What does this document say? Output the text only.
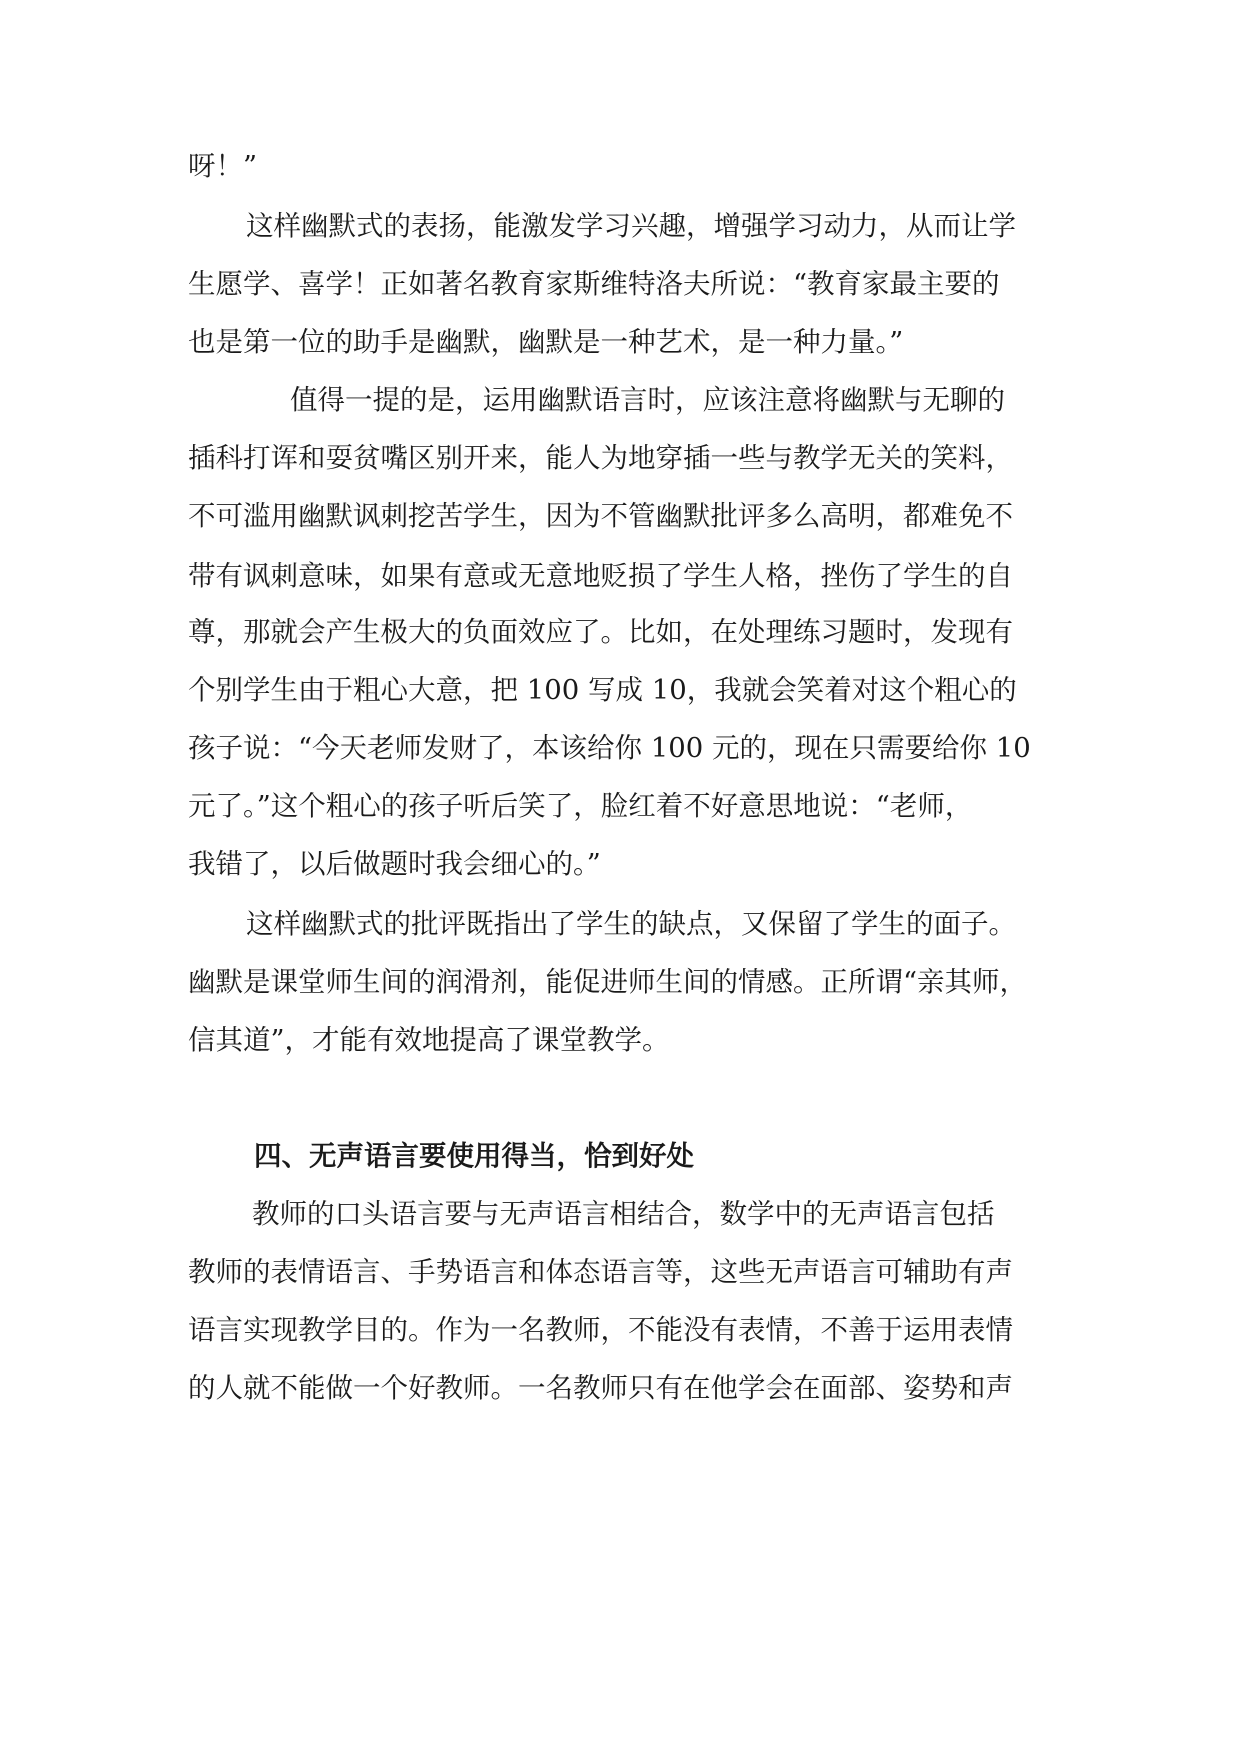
呀！”

这样幽默式的表扬，能激发学习兴趣，增强学习动力，从而让学

生愿学、喜学！正如著名教育家斯维特洛夫所说：“教育家最主要的

也是第一位的助手是幽默，幽默是一种艺术，是一种力量。”

值得一提的是，运用幽默语言时，应该注意将幽默与无聊的

插科打诨和耍贫嘴区别开来，能人为地穿插一些与教学无关的笑料，

不可滥用幽默讽刺挖苦学生，因为不管幽默批评多么高明，都难免不

带有讽刺意味，如果有意或无意地贬损了学生人格，挫伤了学生的自

尊，那就会产生极大的负面效应了。比如，在处理练习题时，发现有

个别学生由于粗心大意，把 100 写成 10，我就会笑着对这个粗心的

孩子说：“今天老师发财了，本该给你 100 元的，现在只需要给你 10

元了。”这个粗心的孩子听后笑了，脸红着不好意思地说：“老师，

我错了，以后做题时我会细心的。”

这样幽默式的批评既指出了学生的缺点，又保留了学生的面子。

幽默是课堂师生间的润滑剂，能促进师生间的情感。正所谓“亲其师，

信其道”，才能有效地提高了课堂教学。

四、无声语言要使用得当，恰到好处

教师的口头语言要与无声语言相结合，数学中的无声语言包括

教师的表情语言、手势语言和体态语言等，这些无声语言可辅助有声

语言实现教学目的。作为一名教师，不能没有表情，不善于运用表情

的人就不能做一个好教师。一名教师只有在他学会在面部、姿势和声
